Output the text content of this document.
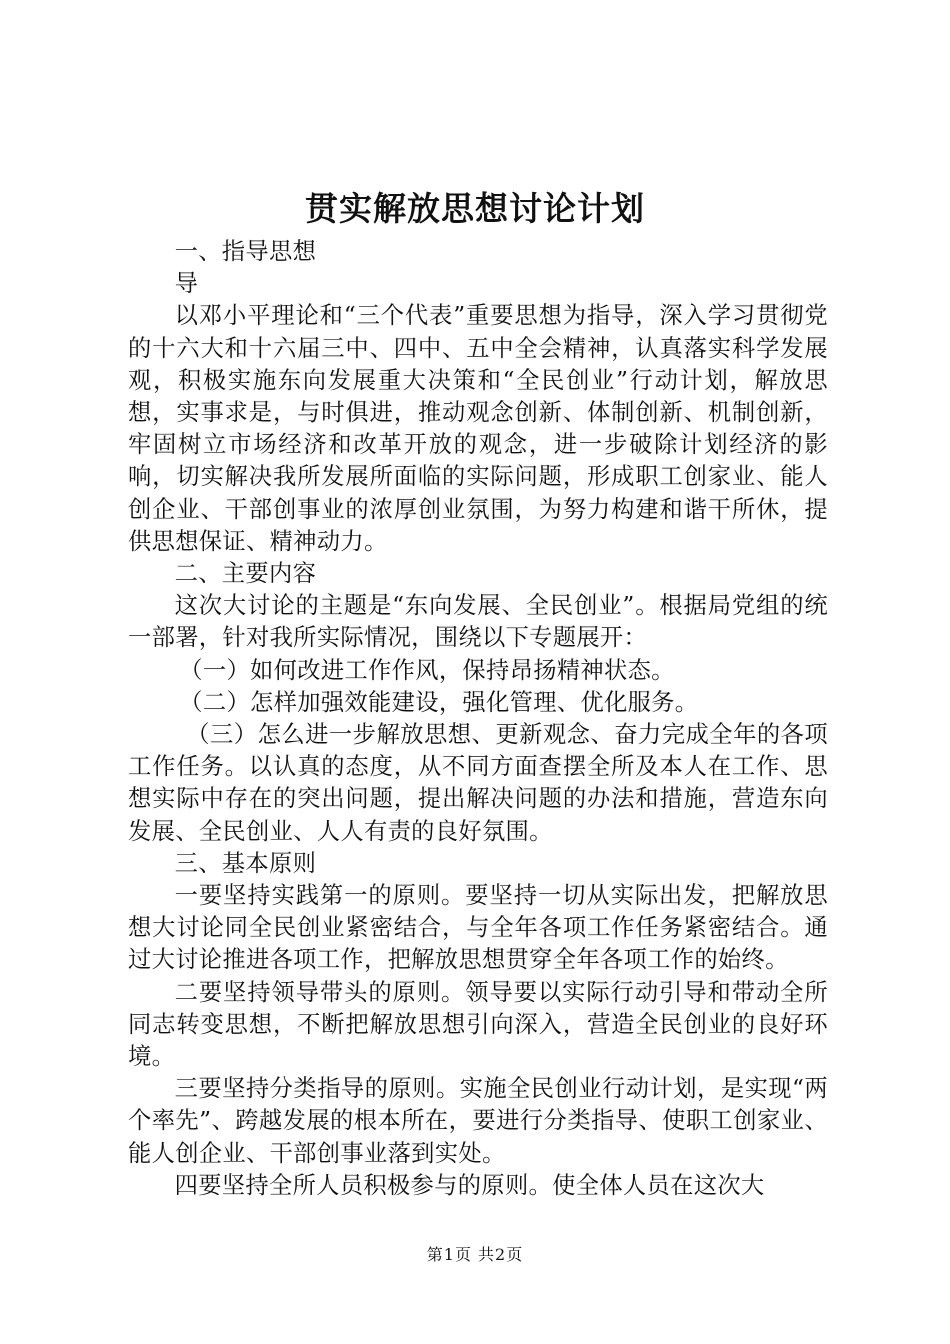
贯实解放思想讨论计划

一、指导思想

导

以邓小平理论和“三个代表”重要思想为指导，深入学习贯彻党的十六大和十六届三中、四中、五中全会精神，认真落实科学发展观，积极实施东向发展重大决策和“全民创业”行动计划，解放思想，实事求是，与时俱进，推动观念创新、体制创新、机制创新，牢固树立市场经济和改革开放的观念，进一步破除计划经济的影响，切实解决我所发展所面临的实际问题，形成职工创家业、能人创企业、干部创事业的浓厚创业氛围，为努力构建和谐干所休，提供思想保证、精神动力。

二、主要内容

这次大讨论的主题是“东向发展、全民创业”。根据局党组的统一部署，针对我所实际情况，围绕以下专题展开：

（一）如何改进工作作风，保持昂扬精神状态。

（二）怎样加强效能建设，强化管理、优化服务。

（三）怎么进一步解放思想、更新观念、奋力完成全年的各项工作任务。以认真的态度，从不同方面查摆全所及本人在工作、思想实际中存在的突出问题，提出解决问题的办法和措施，营造东向发展、全民创业、人人有责的良好氛围。

三、基本原则

一要坚持实践第一的原则。要坚持一切从实际出发，把解放思想大讨论同全民创业紧密结合，与全年各项工作任务紧密结合。通过大讨论推进各项工作，把解放思想贯穿全年各项工作的始终。

二要坚持领导带头的原则。领导要以实际行动引导和带动全所同志转变思想，不断把解放思想引向深入，营造全民创业的良好环境。

三要坚持分类指导的原则。实施全民创业行动计划，是实现“两个率先”、跨越发展的根本所在，要进行分类指导、使职工创家业、能人创企业、干部创事业落到实处。

四要坚持全所人员积极参与的原则。使全体人员在这次大

第1页 共2页
